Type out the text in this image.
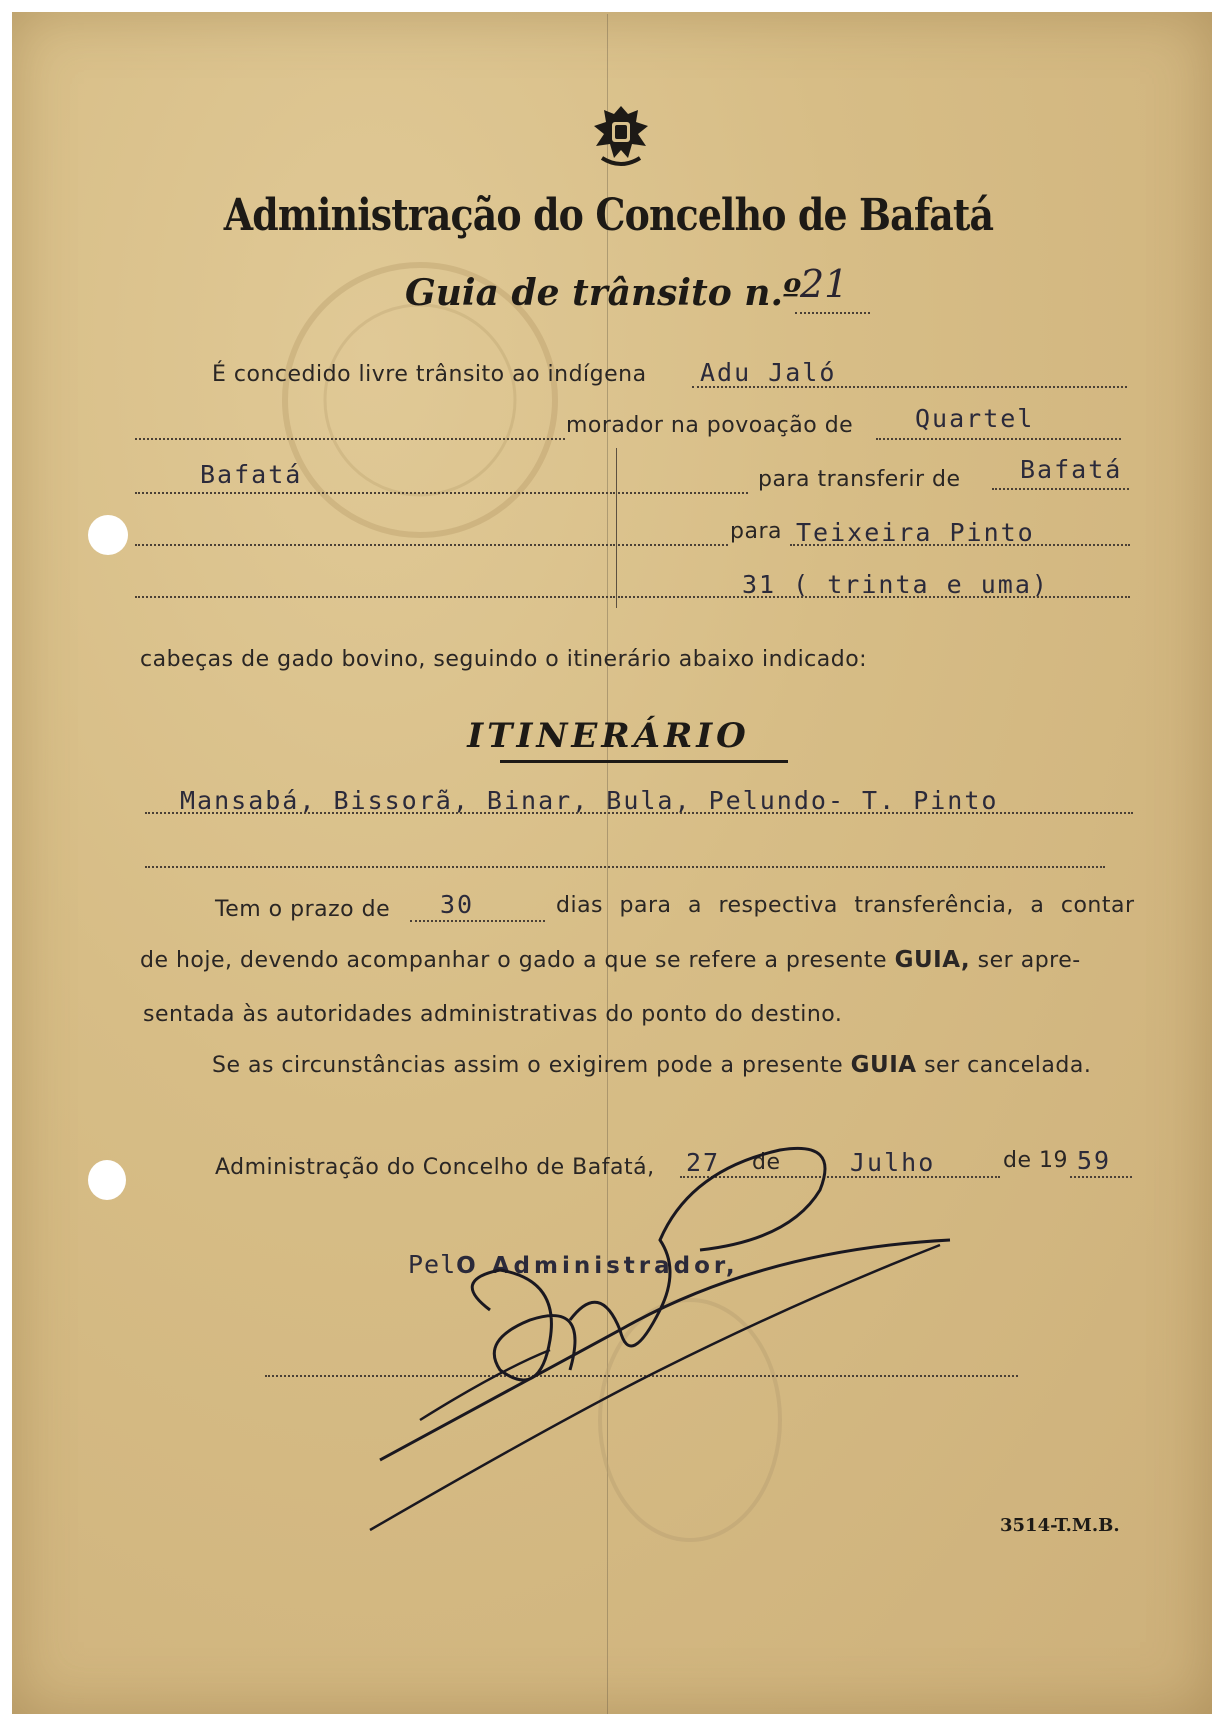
Administração do Concelho de Bafatá
Guia de trânsito n.º 21
É concedido livre trânsito ao indígena Adu Jaló
morador na povoação de Quartel
Bafatá	para transferir de Bafatá
para Teixeira Pinto
31 ( trinta e uma)
cabeças de gado bovino, seguindo o itinerário abaixo indicado:
ITINERÁRIO
Mansabá, Bissorã, Binar, Bula, Pelundo- T. Pinto
Tem o prazo de 30	dias para a respectiva transferência, a contar
de hoje, devendo acompanhar o gado a que se refere a presente GUIA, ser apre-
sentada às autoridades administrativas do ponto do destino.
Se as circunstâncias assim o exigirem pode a presente GUIA ser cancelada.
Administração do Concelho de Bafatá, 27 de	Julho	de 19 59
PelO Administrador,
3514-T.M.B.
